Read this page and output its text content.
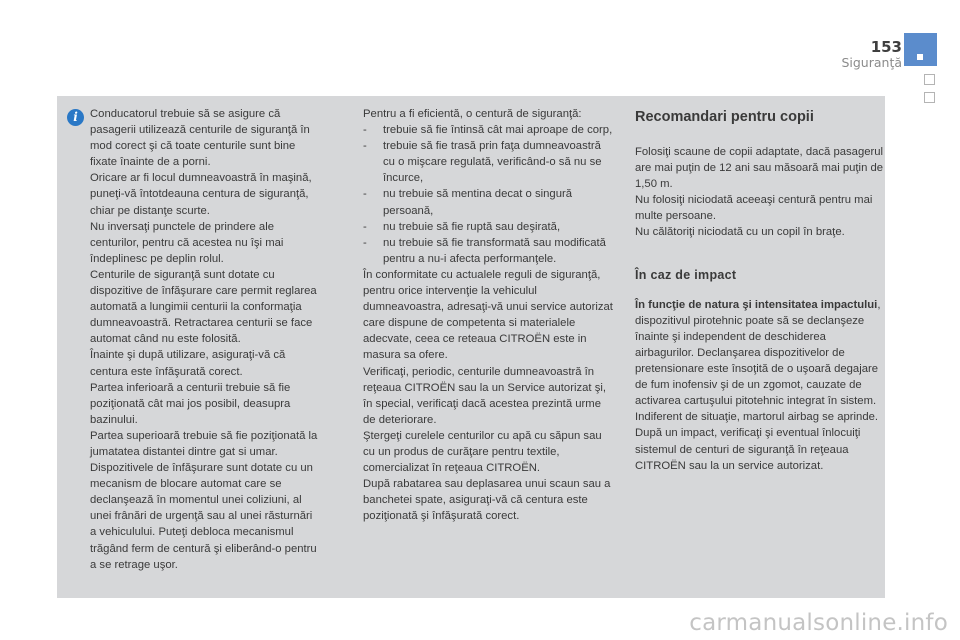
153
Siguranţă
i	Conducatorul trebuie să se asigure că pasagerii utilizează centurile de siguranţă în mod corect şi că toate centurile sunt bine fixate înainte de a porni.

Oricare ar fi locul dumneavoastră în maşină, puneţi-vă întotdeauna centura de siguranţă, chiar pe distanţe scurte.

Nu inversaţi punctele de prindere ale centurilor, pentru că acestea nu îşi mai îndeplinesc pe deplin rolul.

Centurile de siguranţă sunt dotate cu dispozitive de înfăşurare care permit reglarea automată a lungimii centurii la conformaţia dumneavoastră. Retractarea centurii se face automat când nu este folosită.

Înainte şi după utilizare, asiguraţi-vă că centura este înfăşurată corect.

Partea inferioară a centurii trebuie să fie poziţionată cât mai jos posibil, deasupra bazinului.

Partea superioară trebuie să fie poziţionată la jumatatea distantei dintre gat si umar.

Dispozitivele de înfăşurare sunt dotate cu un mecanism de blocare automat care se declanşează în momentul unei coliziuni, al unei frânări de urgenţă sau al unei răsturnări a vehiculului. Puteţi debloca mecanismul trăgând ferm de centură şi eliberând-o pentru a se retrage uşor.

Pentru a fi eficientă, o centură de siguranţă:

- trebuie să fie întinsă cât mai aproape de corp,
- trebuie să fie trasă prin faţa dumneavoastră cu o mişcare regulată, verificând-o să nu se încurce,
- nu trebuie să mentina decat o singură persoană,
- nu trebuie să fie ruptă sau deşirată,
- nu trebuie să fie transformată sau modificată pentru a nu-i afecta performanţele.

În conformitate cu actualele reguli de siguranţă, pentru orice intervenţie la vehiculul dumneavoastra, adresaţi-vă unui service autorizat care dispune de competenta si materialele adecvate, ceea ce reteaua CITROËN este in masura sa ofere.

Verificaţi, periodic, centurile dumneavoastră în reţeaua CITROËN sau la un Service autorizat şi, în special, verificaţi dacă acestea prezintă urme de deteriorare.

Ştergeţi curelele centurilor cu apă cu săpun sau cu un produs de curăţare pentru textile, comercializat în reţeaua CITROËN.

După rabatarea sau deplasarea unui scaun sau a banchetei spate, asiguraţi-vă că centura este poziţionată şi înfăşurată corect.

Recomandari pentru copii

Folosiţi scaune de copii adaptate, dacă pasagerul are mai puţin de 12 ani sau măsoară mai puţin de 1,50 m.

Nu folosiţi niciodată aceeaşi centură pentru mai multe persoane.

Nu călătoriţi niciodată cu un copil în braţe.

În caz de impact

În funcţie de natura şi intensitatea impactului, dispozitivul pirotehnic poate să se declanşeze înainte şi independent de deschiderea airbagurilor. Declanşarea dispozitivelor de pretensionare este însoţită de o uşoară degajare de fum inofensiv şi de un zgomot, cauzate de activarea cartuşului pitotehnic integrat în sistem.

Indiferent de situaţie, martorul airbag se aprinde.

După un impact, verificaţi şi eventual înlocuiţi sistemul de centuri de siguranţă în reţeaua CITROËN sau la un service autorizat.

carmanualsonline.info
